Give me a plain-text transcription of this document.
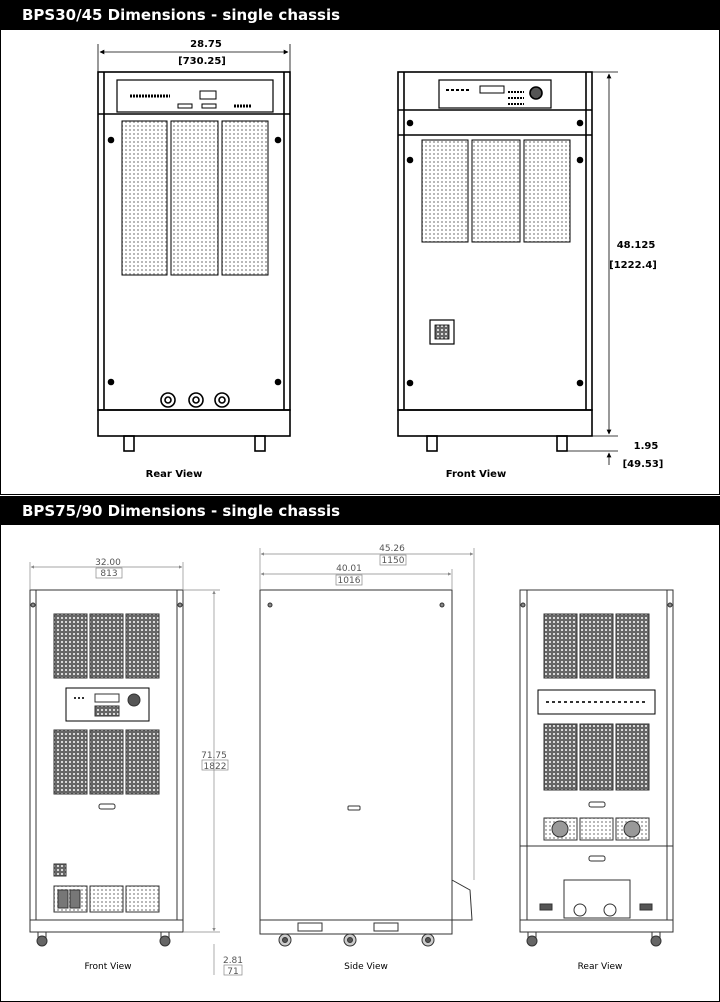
BPS30/45 Dimensions - single chassis
BPS75/90 Dimensions - single chassis
Rear View
28.75
[730.25]
Front View
48.125
[1222.4]
1.95
[49.53]
Front View
32.00
813
71.75
1822
2.81
71	Side View
45.26
1150
40.01
1016
Rear View
